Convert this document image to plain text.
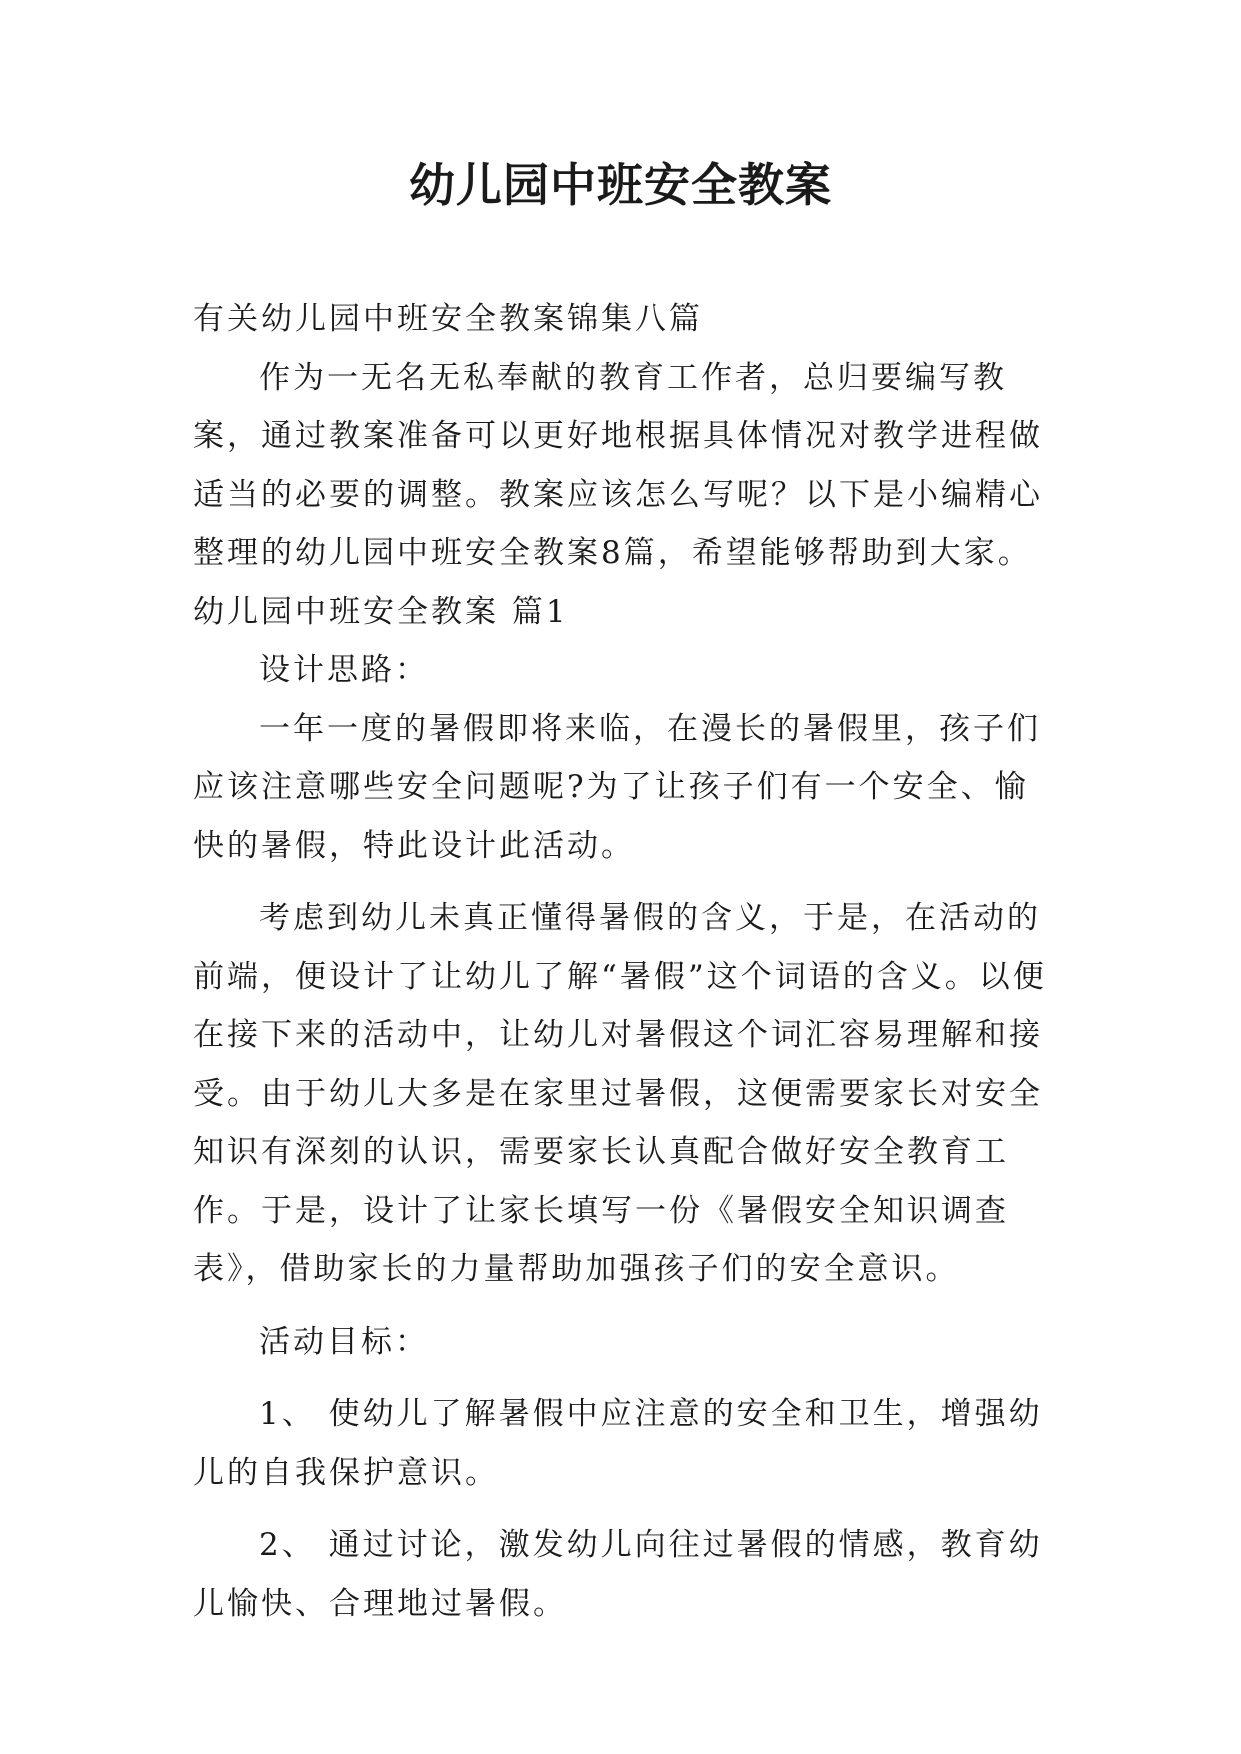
幼儿园中班安全教案

有关幼儿园中班安全教案锦集八篇

作为一无名无私奉献的教育工作者，总归要编写教案，通过教案准备可以更好地根据具体情况对教学进程做适当的必要的调整。教案应该怎么写呢？以下是小编精心整理的幼儿园中班安全教案8篇，希望能够帮助到大家。

幼儿园中班安全教案 篇1

设计思路：

一年一度的暑假即将来临，在漫长的暑假里，孩子们应该注意哪些安全问题呢?为了让孩子们有一个安全、愉快的暑假，特此设计此活动。

考虑到幼儿未真正懂得暑假的含义，于是，在活动的前端，便设计了让幼儿了解“暑假”这个词语的含义。以便在接下来的活动中，让幼儿对暑假这个词汇容易理解和接受。由于幼儿大多是在家里过暑假，这便需要家长对安全知识有深刻的认识，需要家长认真配合做好安全教育工作。于是，设计了让家长填写一份《暑假安全知识调查表》，借助家长的力量帮助加强孩子们的安全意识。

活动目标：

1、 使幼儿了解暑假中应注意的安全和卫生，增强幼儿的自我保护意识。

2、 通过讨论，激发幼儿向往过暑假的情感，教育幼儿愉快、合理地过暑假。
